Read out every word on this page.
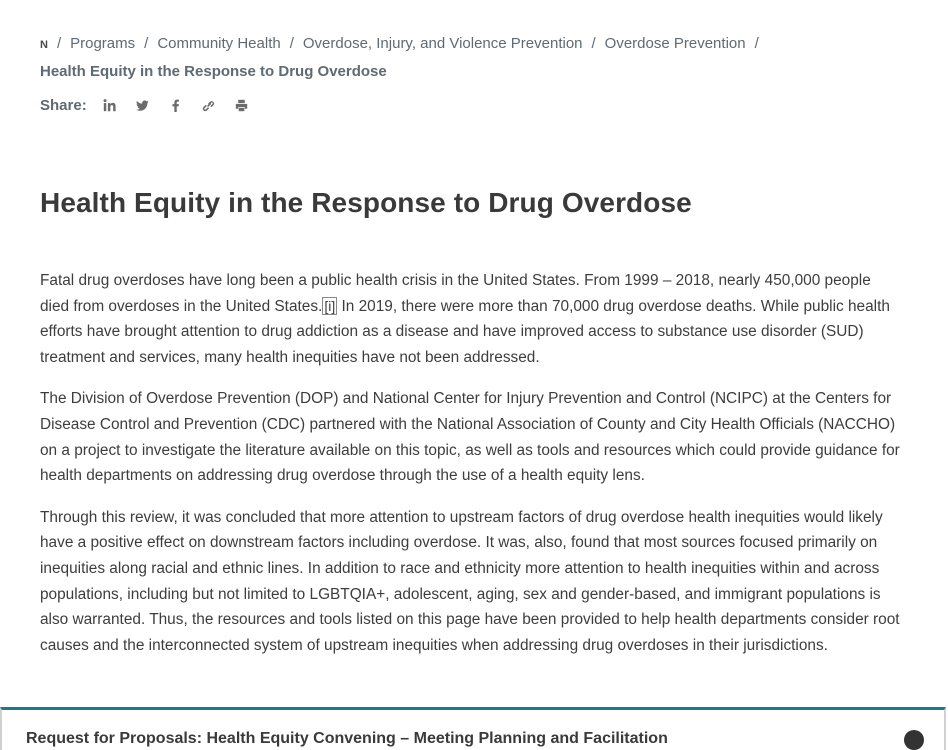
N / Programs / Community Health / Overdose, Injury, and Violence Prevention / Overdose Prevention /
Health Equity in the Response to Drug Overdose
Share:
Health Equity in the Response to Drug Overdose

Fatal drug overdoses have long been a public health crisis in the United States. From 1999 – 2018, nearly 450,000 people died from overdoses in the United States. [i] In 2019, there were more than 70,000 drug overdose deaths. While public health efforts have brought attention to drug addiction as a disease and have improved access to substance use disorder (SUD) treatment and services, many health inequities have not been addressed.

The Division of Overdose Prevention (DOP) and National Center for Injury Prevention and Control (NCIPC) at the Centers for Disease Control and Prevention (CDC) partnered with the National Association of County and City Health Officials (NACCHO) on a project to investigate the literature available on this topic, as well as tools and resources which could provide guidance for health departments on addressing drug overdose through the use of a health equity lens.

Through this review, it was concluded that more attention to upstream factors of drug overdose health inequities would likely have a positive effect on downstream factors including overdose. It was, also, found that most sources focused primarily on inequities along racial and ethnic lines. In addition to race and ethnicity more attention to health inequities within and across populations, including but not limited to LGBTQIA+, adolescent, aging, sex and gender-based, and immigrant populations is also warranted. Thus, the resources and tools listed on this page have been provided to help health departments consider root causes and the interconnected system of upstream inequities when addressing drug overdoses in their jurisdictions.

Request for Proposals: Health Equity Convening – Meeting Planning and Facilitation
